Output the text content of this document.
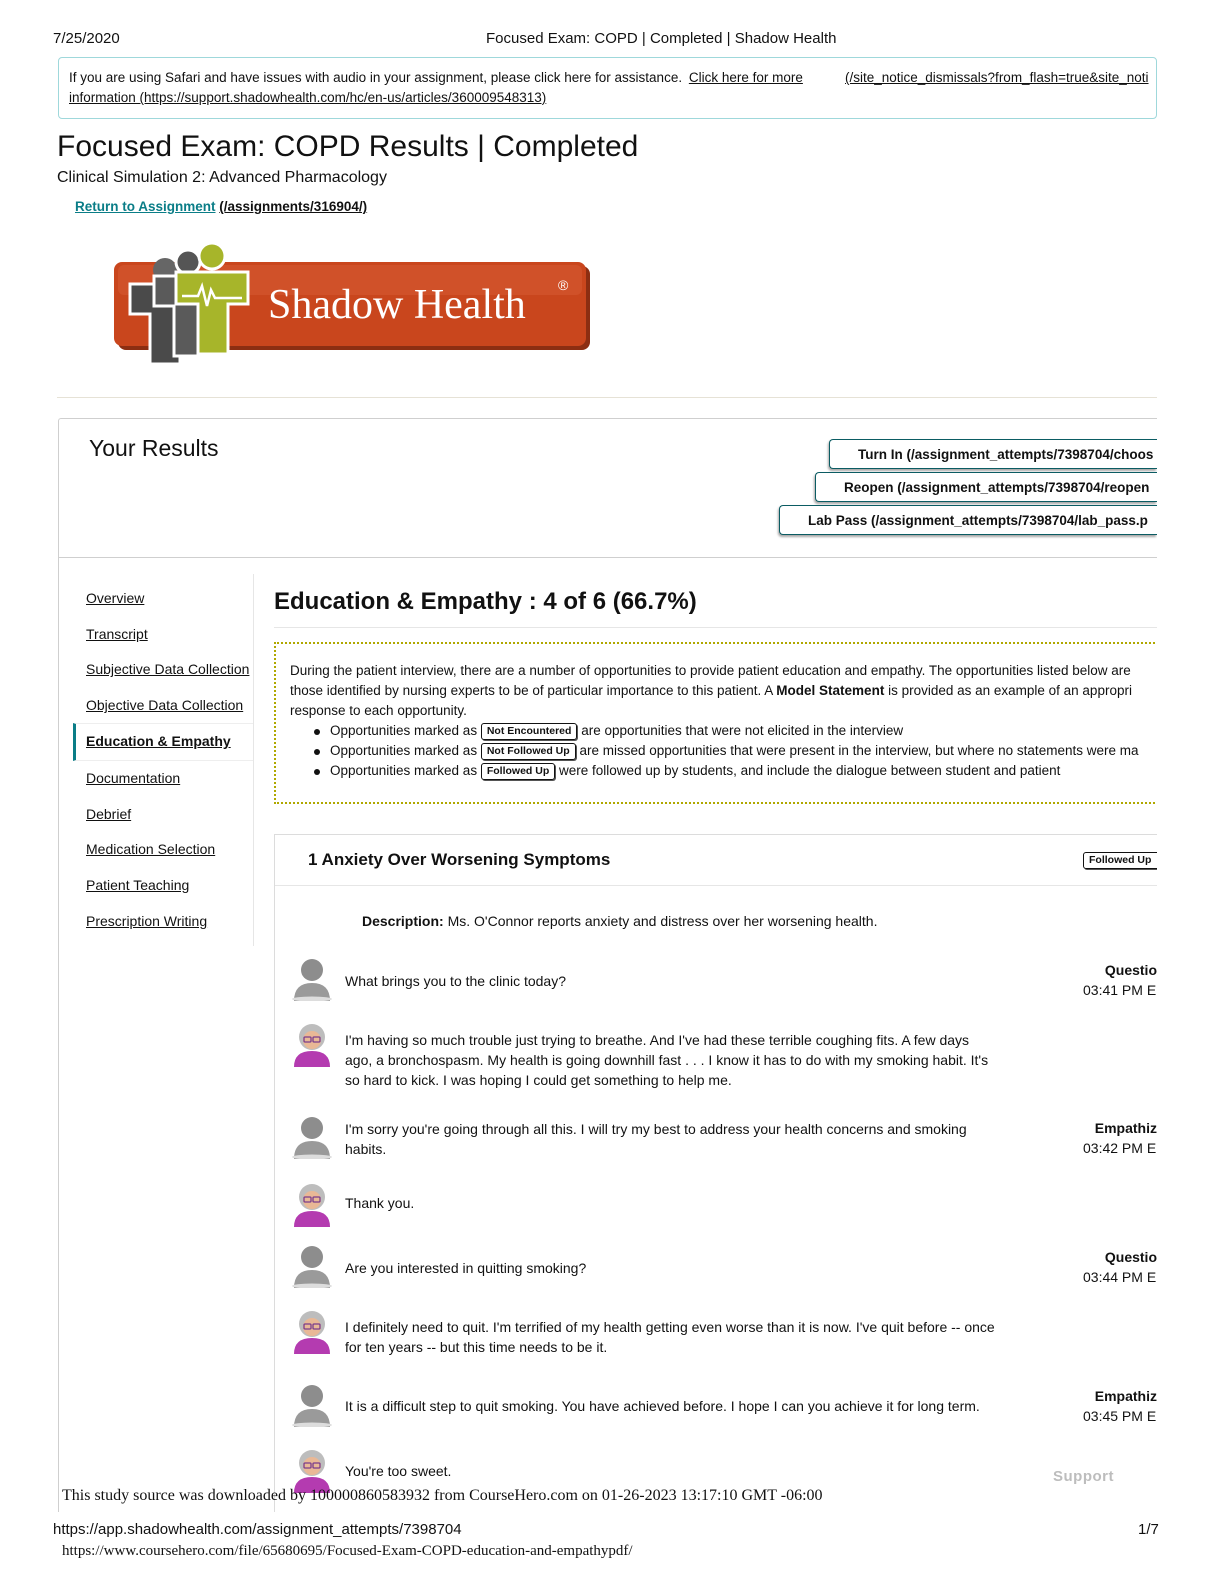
7/25/2020	Focused Exam: COPD | Completed | Shadow Health

If you are using Safari and have issues with audio in your assignment, please click here for assistance. Click here for more	(/site_notice_dismissals?from_flash=true&site_noti

information (https://support.shadowhealth.com/hc/en-us/articles/360009548313)

Focused Exam: COPD Results | Completed
Clinical Simulation 2: Advanced Pharmacology
Return to Assignment (/assignments/316904/)
Shadow Health ®
Your Results	Turn In (/assignment_attempts/7398704/choos
Reopen (/assignment_attempts/7398704/reopen
Lab Pass (/assignment_attempts/7398704/lab_pass.p
Overview
Transcript
Subjective Data Collection
Objective Data Collection
Education & Empathy
Documentation
Debrief
Medication Selection
Patient Teaching
Prescription Writing
Education & Empathy : 4 of 6 (66.7%)
During the patient interview, there are a number of opportunities to provide patient education and empathy. The opportunities listed below are
those identified by nursing experts to be of particular importance to this patient. A Model Statement is provided as an example of an appropri
response to each opportunity.
Opportunities marked as Not Encountered are opportunities that were not elicited in the interview
Opportunities marked as Not Followed Up are missed opportunities that were present in the interview, but where no statements were ma
Opportunities marked as Followed Up were followed up by students, and include the dialogue between student and patient
1 Anxiety Over Worsening Symptoms	Followed Up
Description: Ms. O'Connor reports anxiety and distress over her worsening health.
What brings you to the clinic today?
Questio
03:41 PM E
I'm having so much trouble just trying to breathe. And I've had these terrible coughing fits. A few days ago, a bronchospasm. My health is going downhill fast . . . I know it has to do with my smoking habit. It's so hard to kick. I was hoping I could get something to help me.
I'm sorry you're going through all this. I will try my best to address your health concerns and smoking habits.
Empathiz
03:42 PM E
Thank you.
Are you interested in quitting smoking?
Questio
03:44 PM E
I definitely need to quit. I'm terrified of my health getting even worse than it is now. I've quit before -- once for ten years -- but this time needs to be it.
It is a difficult step to quit smoking. You have achieved before. I hope I can you achieve it for long term.
Empathiz
03:45 PM E
You're too sweet.	Support
This study source was downloaded by 100000860583932 from CourseHero.com on 01-26-2023 13:17:10 GMT -06:00
https://app.shadowhealth.com/assignment_attempts/7398704	1/7
https://www.coursehero.com/file/65680695/Focused-Exam-COPD-education-and-empathypdf/
